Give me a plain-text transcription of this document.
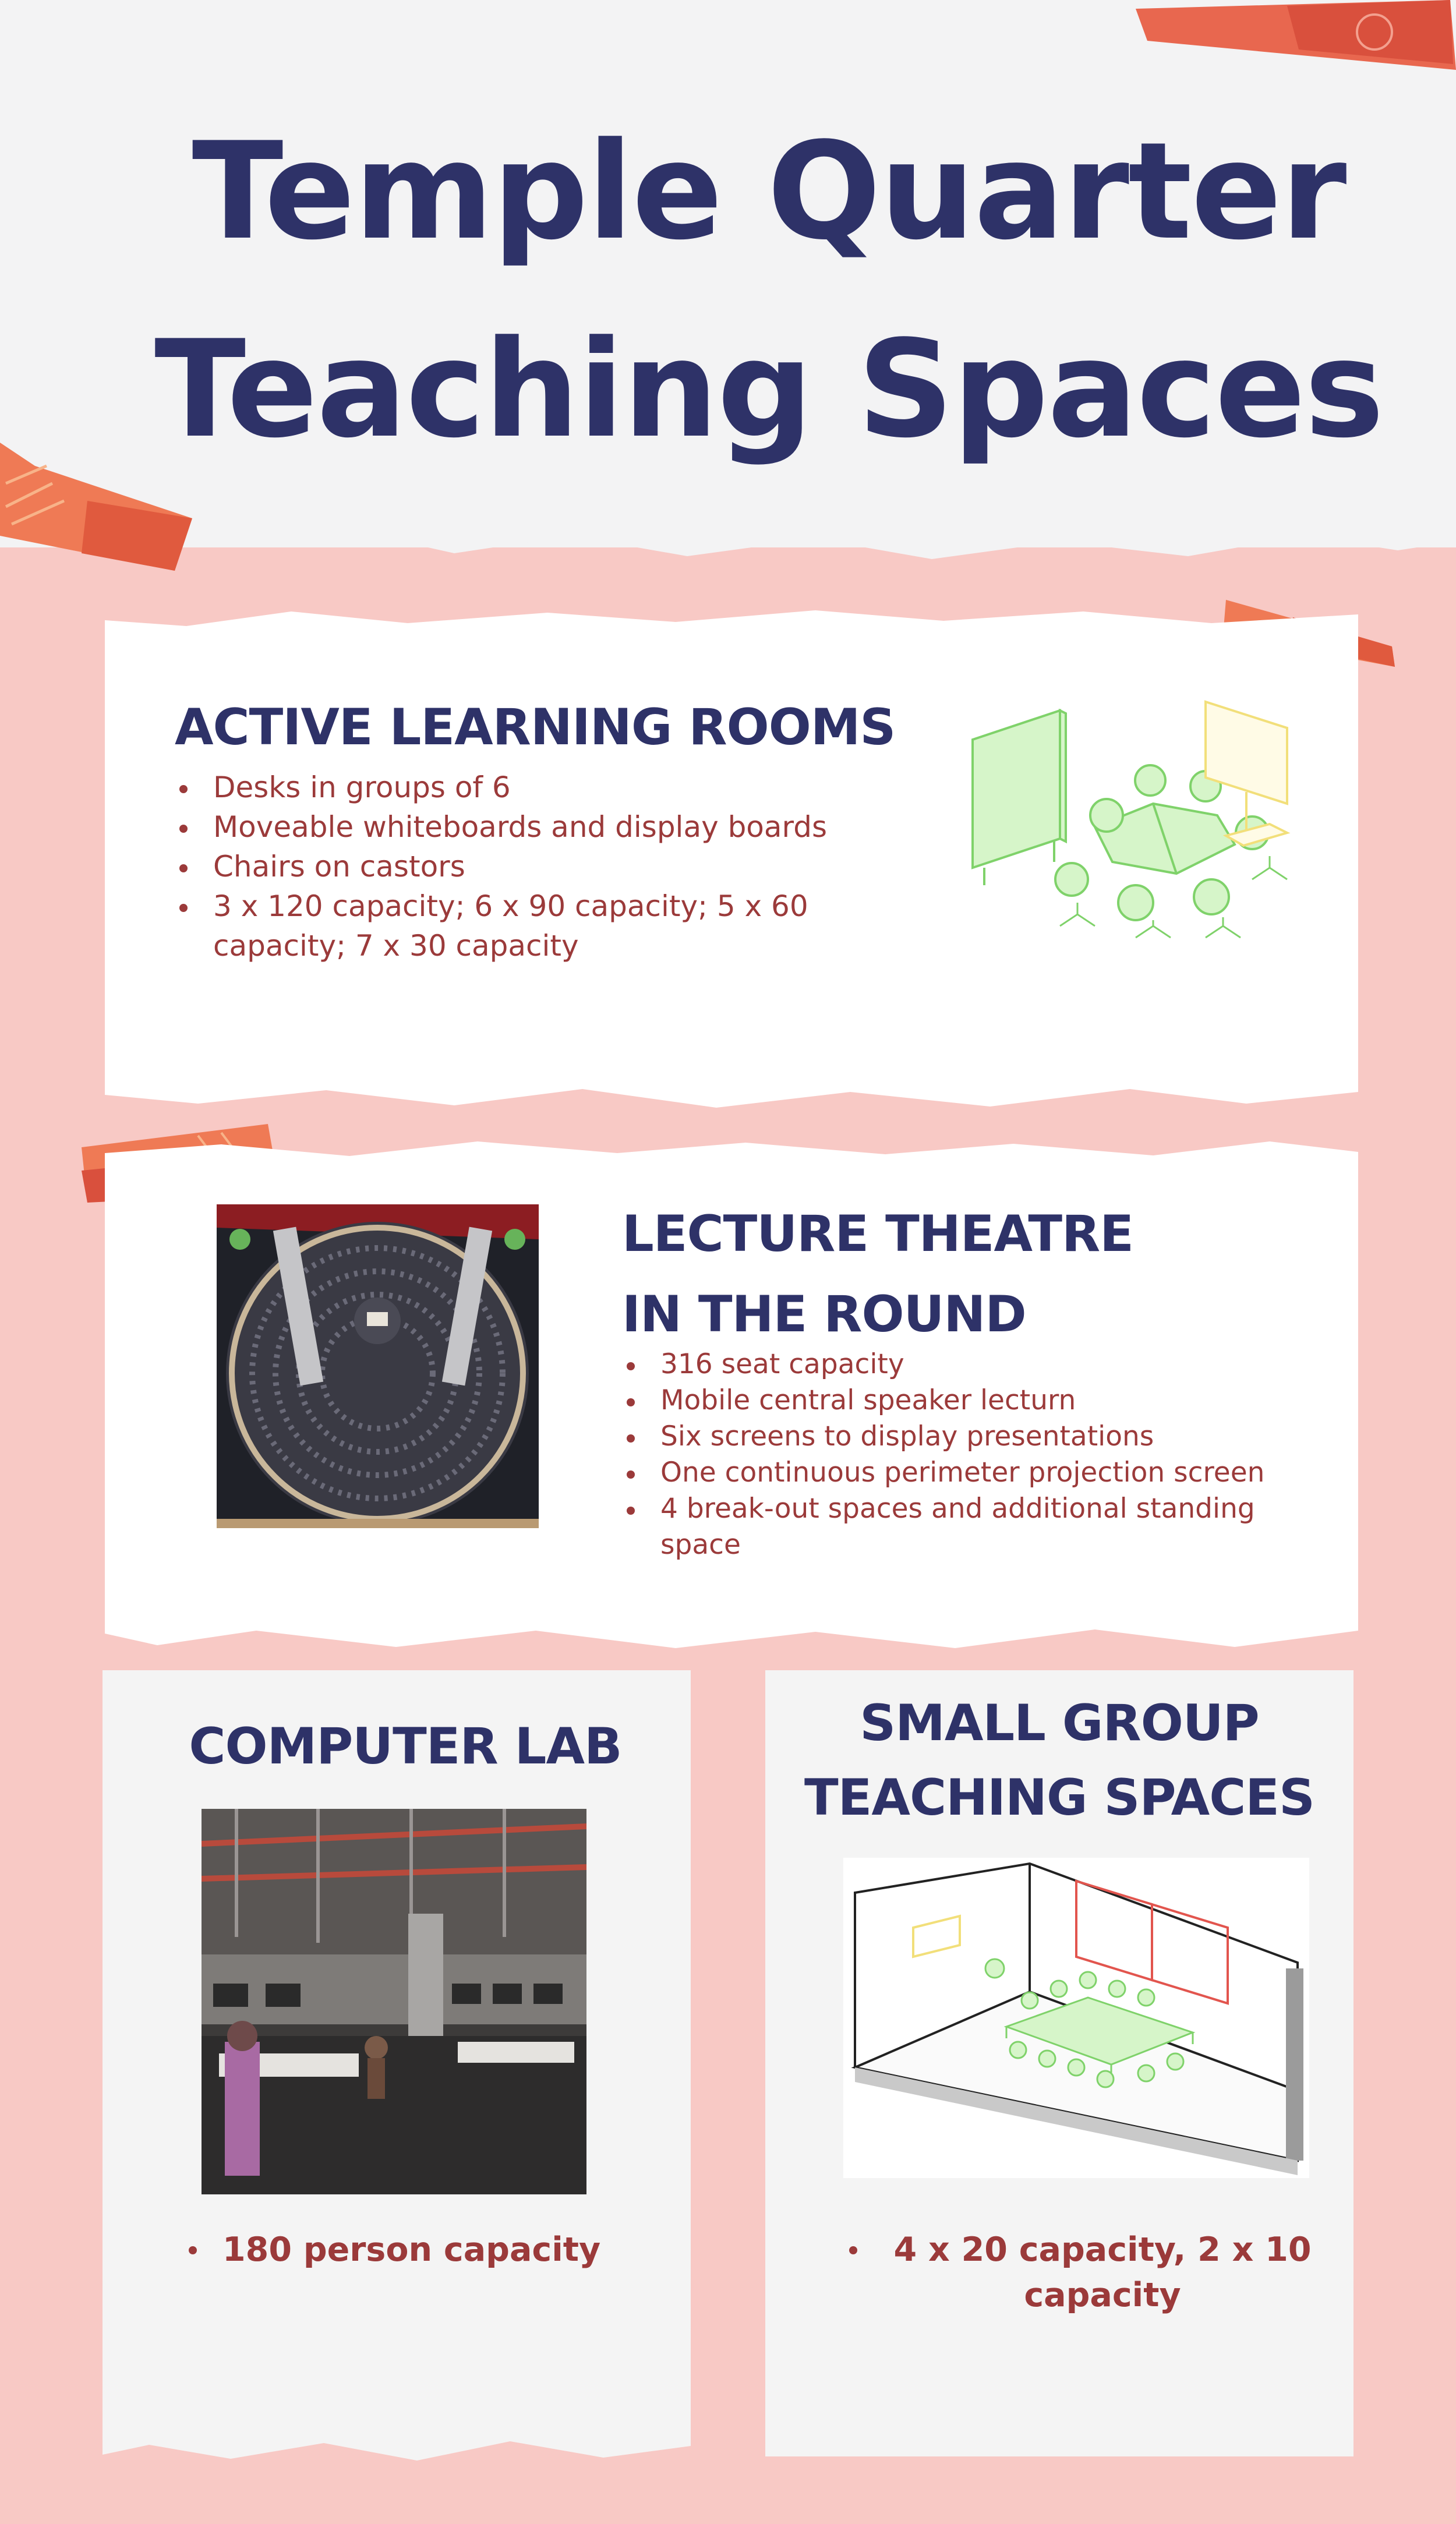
Temple Quarter
Teaching Spaces
ACTIVE LEARNING ROOMS
Desks in groups of 6
Moveable whiteboards and display boards
Chairs on castors
3 x 120 capacity; 6 x 90 capacity; 5 x 60 capacity; 7 x 30 capacity
LECTURE THEATRE
IN THE ROUND
316 seat capacity
Mobile central speaker lecturn
Six screens to display presentations
One continuous perimeter projection screen
4 break-out spaces and additional standing space
COMPUTER LAB
180 person capacity
SMALL GROUP
TEACHING SPACES
4 x 20 capacity, 2 x 10 capacity
